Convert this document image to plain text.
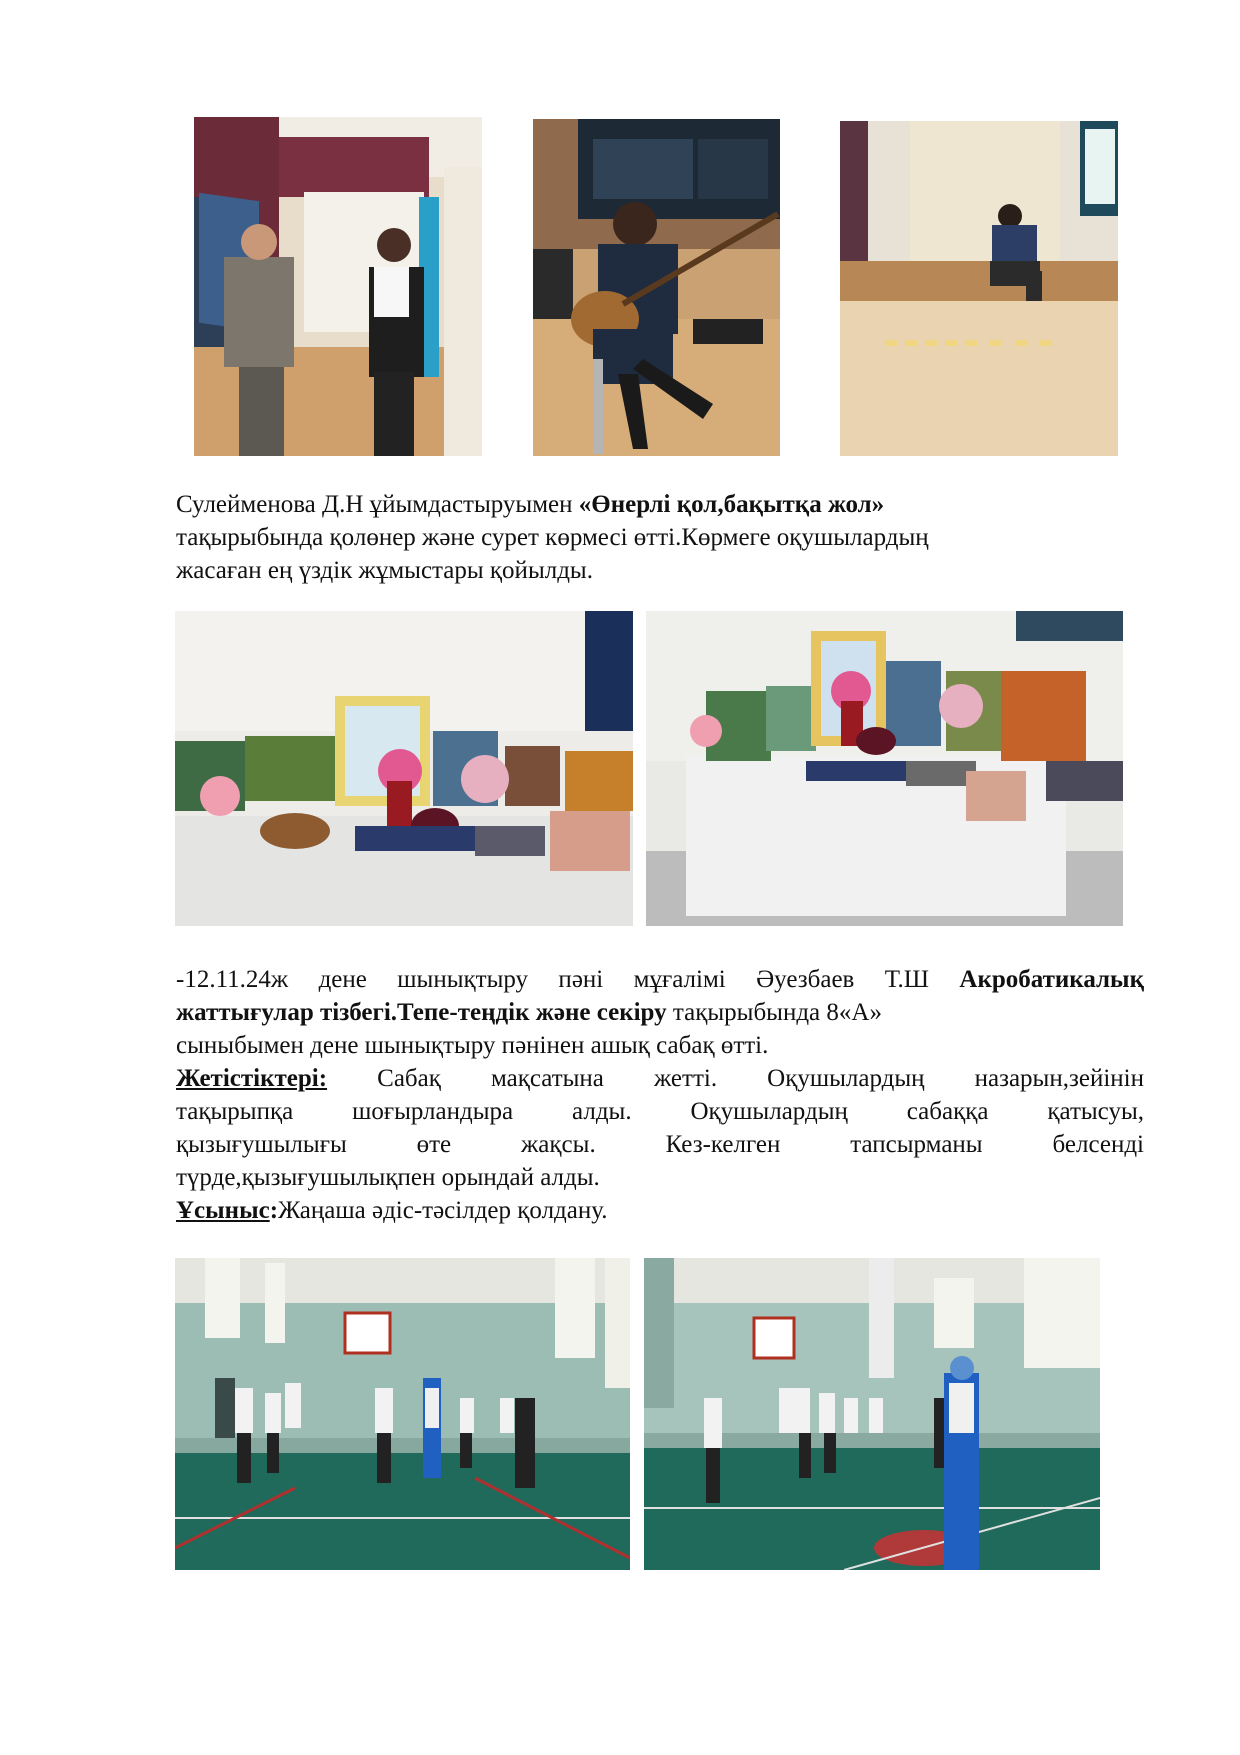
Сулейменова Д.Н ұйымдастыруымен «Өнерлі қол,бақытқа жол»
тақырыбында қолөнер және сурет көрмесі өтті.Көрмеге оқушылардың
жасаған ең үздік жұмыстары қойылды.
-12.11.24ж дене шынықтыру пәні мұғалімі Әуезбаев Т.Ш Акробатикалық
жаттығулар тізбегі.Тепе-теңдік және секіру тақырыбында 8«А»
сыныбымен дене шынықтыру пәнінен ашық сабақ өтті.
Жетістіктері: Сабақ мақсатына жетті. Оқушылардың назарын,зейінін
тақырыпқа шоғырландыра алды. Оқушылардың сабаққа қатысуы,
қызығушылығы өте жақсы. Кез-келген тапсырманы белсенді
түрде,қызығушылықпен орындай алды.
Ұсыныс:Жаңаша әдіс-тәсілдер қолдану.
